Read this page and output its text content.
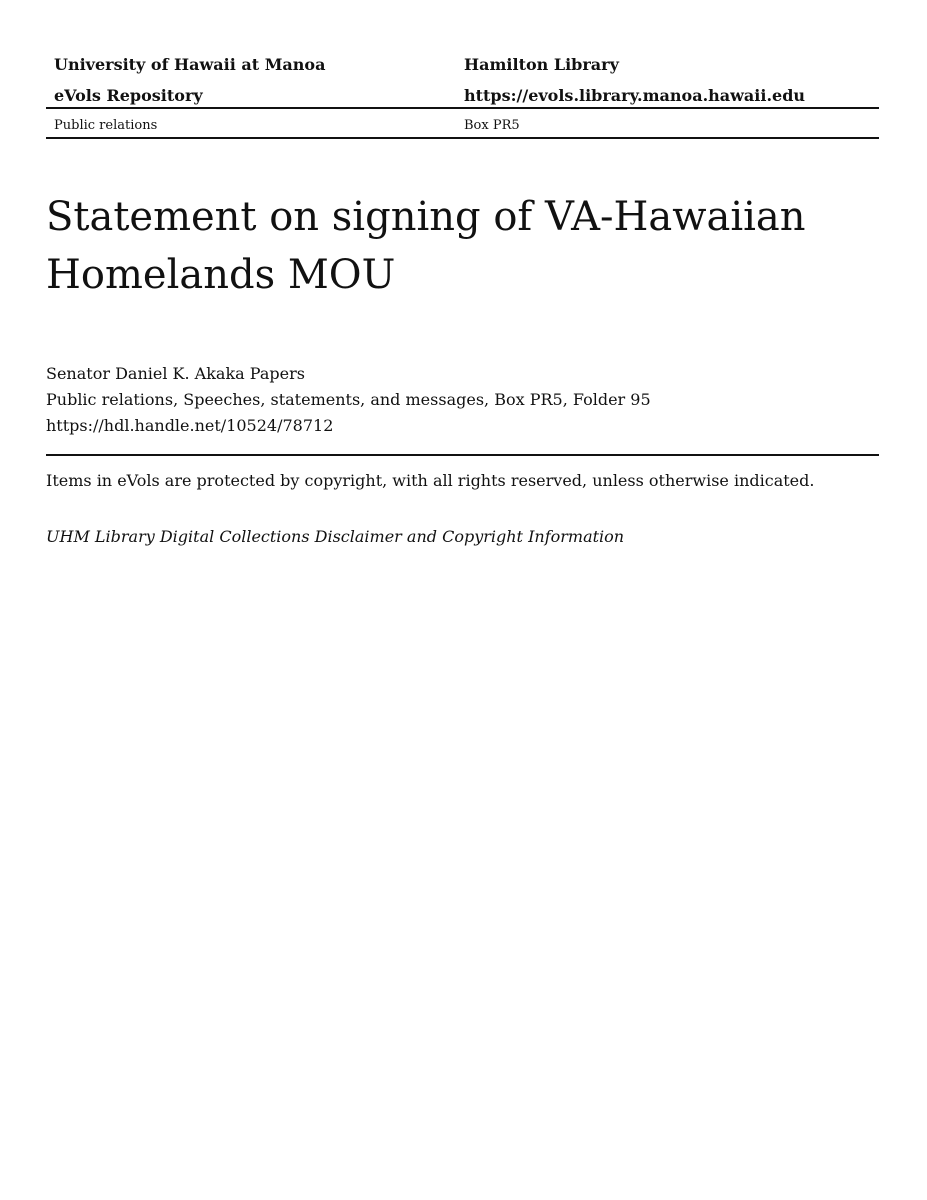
University of Hawaii at Manoa	Hamilton Library
eVols Repository	https://evols.library.manoa.hawaii.edu
Public relations	Box PR5
Statement on signing of VA-Hawaiian Homelands MOU
Senator Daniel K. Akaka Papers
Public relations, Speeches, statements, and messages, Box PR5, Folder 95
https://hdl.handle.net/10524/78712
Items in eVols are protected by copyright, with all rights reserved, unless otherwise indicated.
UHM Library Digital Collections Disclaimer and Copyright Information
